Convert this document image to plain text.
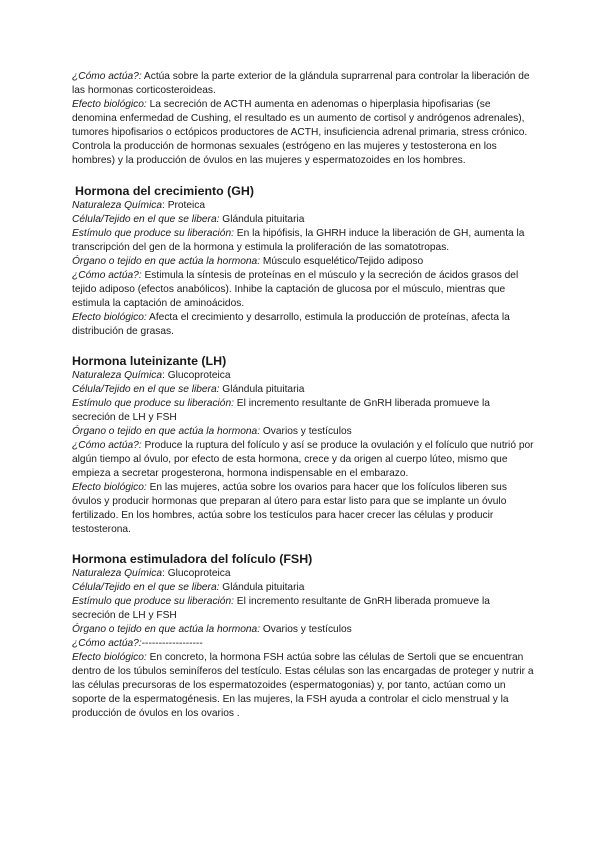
¿Cómo actúa?: Actúa sobre la parte exterior de la glándula suprarrenal para controlar la liberación de las hormonas corticosteroideas.

Efecto biológico: La secreción de ACTH aumenta en adenomas o hiperplasia hipofisarias (se denomina enfermedad de Cushing, el resultado es un aumento de cortisol y andrógenos adrenales), tumores hipofisarios o ectópicos productores de ACTH, insuficiencia adrenal primaria, stress crónico. Controla la producción de hormonas sexuales (estrógeno en las mujeres y testosterona en los hombres) y la producción de óvulos en las mujeres y espermatozoides en los hombres.

Hormona del crecimiento (GH)

Naturaleza Química: Proteica

Célula/Tejido en el que se libera: Glándula pituitaria

Estímulo que produce su liberación: En la hipófisis, la GHRH induce la liberación de GH, aumenta la transcripción del gen de la hormona y estimula la proliferación de las somatotropas.

Órgano o tejido en que actúa la hormona: Músculo esquelético/Tejido adiposo

¿Cómo actúa?: Estimula la síntesis de proteínas en el músculo y la secreción de ácidos grasos del tejido adiposo (efectos anabólicos). Inhibe la captación de glucosa por el músculo, mientras que estimula la captación de aminoácidos.

Efecto biológico: Afecta el crecimiento y desarrollo, estimula la producción de proteínas, afecta la distribución de grasas.

Hormona luteinizante (LH)

Naturaleza Química: Glucoproteica

Célula/Tejido en el que se libera: Glándula pituitaria

Estímulo que produce su liberación: El incremento resultante de GnRH liberada promueve la secreción de LH y FSH

Órgano o tejido en que actúa la hormona: Ovarios y testículos

¿Cómo actúa?: Produce la ruptura del folículo y así se produce la ovulación y el folículo que nutrió por algún tiempo al óvulo, por efecto de esta hormona, crece y da origen al cuerpo lúteo, mismo que empieza a secretar progesterona, hormona indispensable en el embarazo.

Efecto biológico: En las mujeres, actúa sobre los ovarios para hacer que los folículos liberen sus óvulos y producir hormonas que preparan al útero para estar listo para que se implante un óvulo fertilizado. En los hombres, actúa sobre los testículos para hacer crecer las células y producir testosterona.

Hormona estimuladora del folículo (FSH)

Naturaleza Química: Glucoproteica

Célula/Tejido en el que se libera: Glándula pituitaria

Estímulo que produce su liberación: El incremento resultante de GnRH liberada promueve la secreción de LH y FSH

Órgano o tejido en que actúa la hormona: Ovarios y testículos

¿Cómo actúa?:------------------

Efecto biológico: En concreto, la hormona FSH actúa sobre las células de Sertoli que se encuentran dentro de los túbulos seminíferos del testículo. Estas células son las encargadas de proteger y nutrir a las células precursoras de los espermatozoides (espermatogonias) y, por tanto, actúan como un soporte de la espermatogénesis. En las mujeres, la FSH ayuda a controlar el ciclo menstrual y la producción de óvulos en los ovarios .
